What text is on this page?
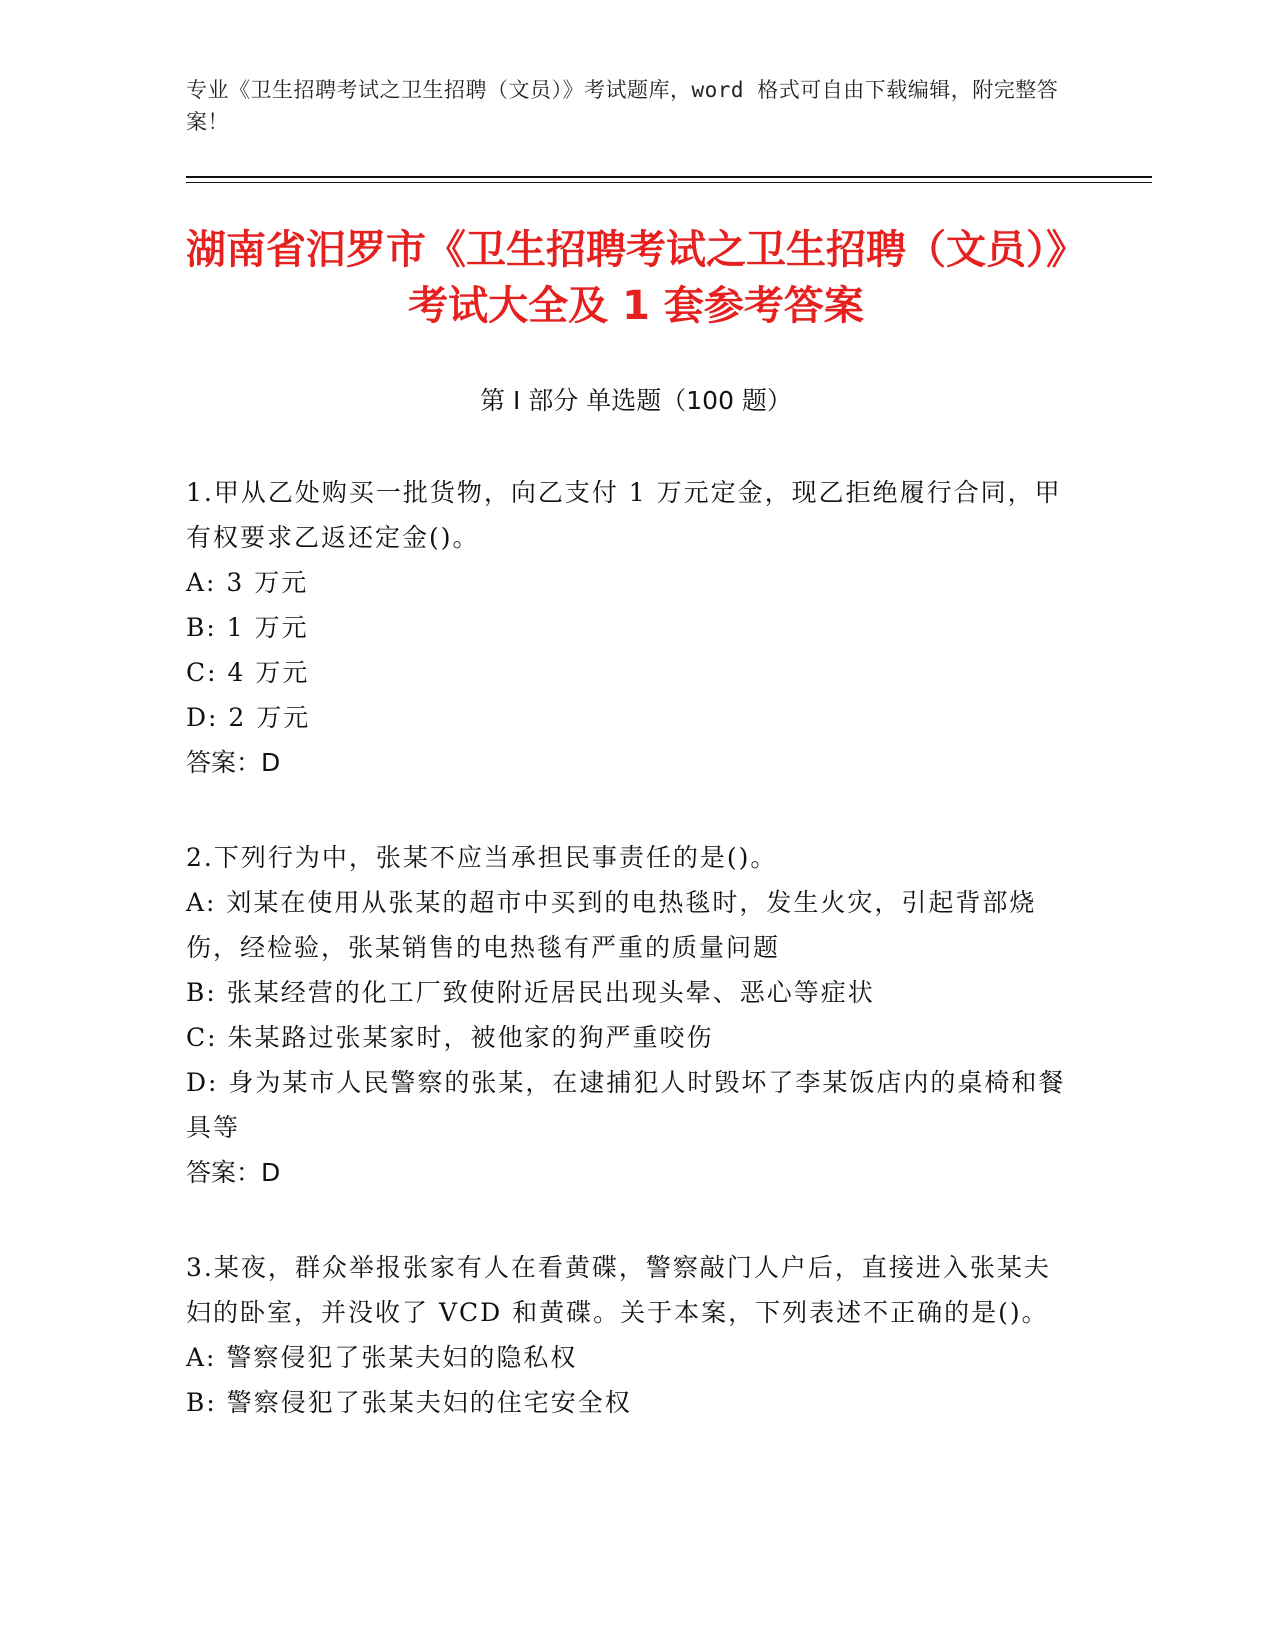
专业《卫生招聘考试之卫生招聘（文员）》考试题库，word 格式可自由下载编辑，附完整答案！
湖南省汨罗市《卫生招聘考试之卫生招聘（文员）》考试大全及 1 套参考答案
第 I 部分 单选题（100 题）

1.甲从乙处购买一批货物，向乙支付 1 万元定金，现乙拒绝履行合同，甲有权要求乙返还定金()。

A: 3 万元

B: 1 万元

C: 4 万元

D: 2 万元

答案：D

2.下列行为中，张某不应当承担民事责任的是()。

A: 刘某在使用从张某的超市中买到的电热毯时，发生火灾，引起背部烧伤，经检验，张某销售的电热毯有严重的质量问题

B: 张某经营的化工厂致使附近居民出现头晕、恶心等症状

C: 朱某路过张某家时，被他家的狗严重咬伤

D: 身为某市人民警察的张某，在逮捕犯人时毁坏了李某饭店内的桌椅和餐具等

答案：D

3.某夜，群众举报张家有人在看黄碟，警察敲门人户后，直接进入张某夫妇的卧室，并没收了 VCD 和黄碟。关于本案，下列表述不正确的是()。

A: 警察侵犯了张某夫妇的隐私权

B: 警察侵犯了张某夫妇的住宅安全权
